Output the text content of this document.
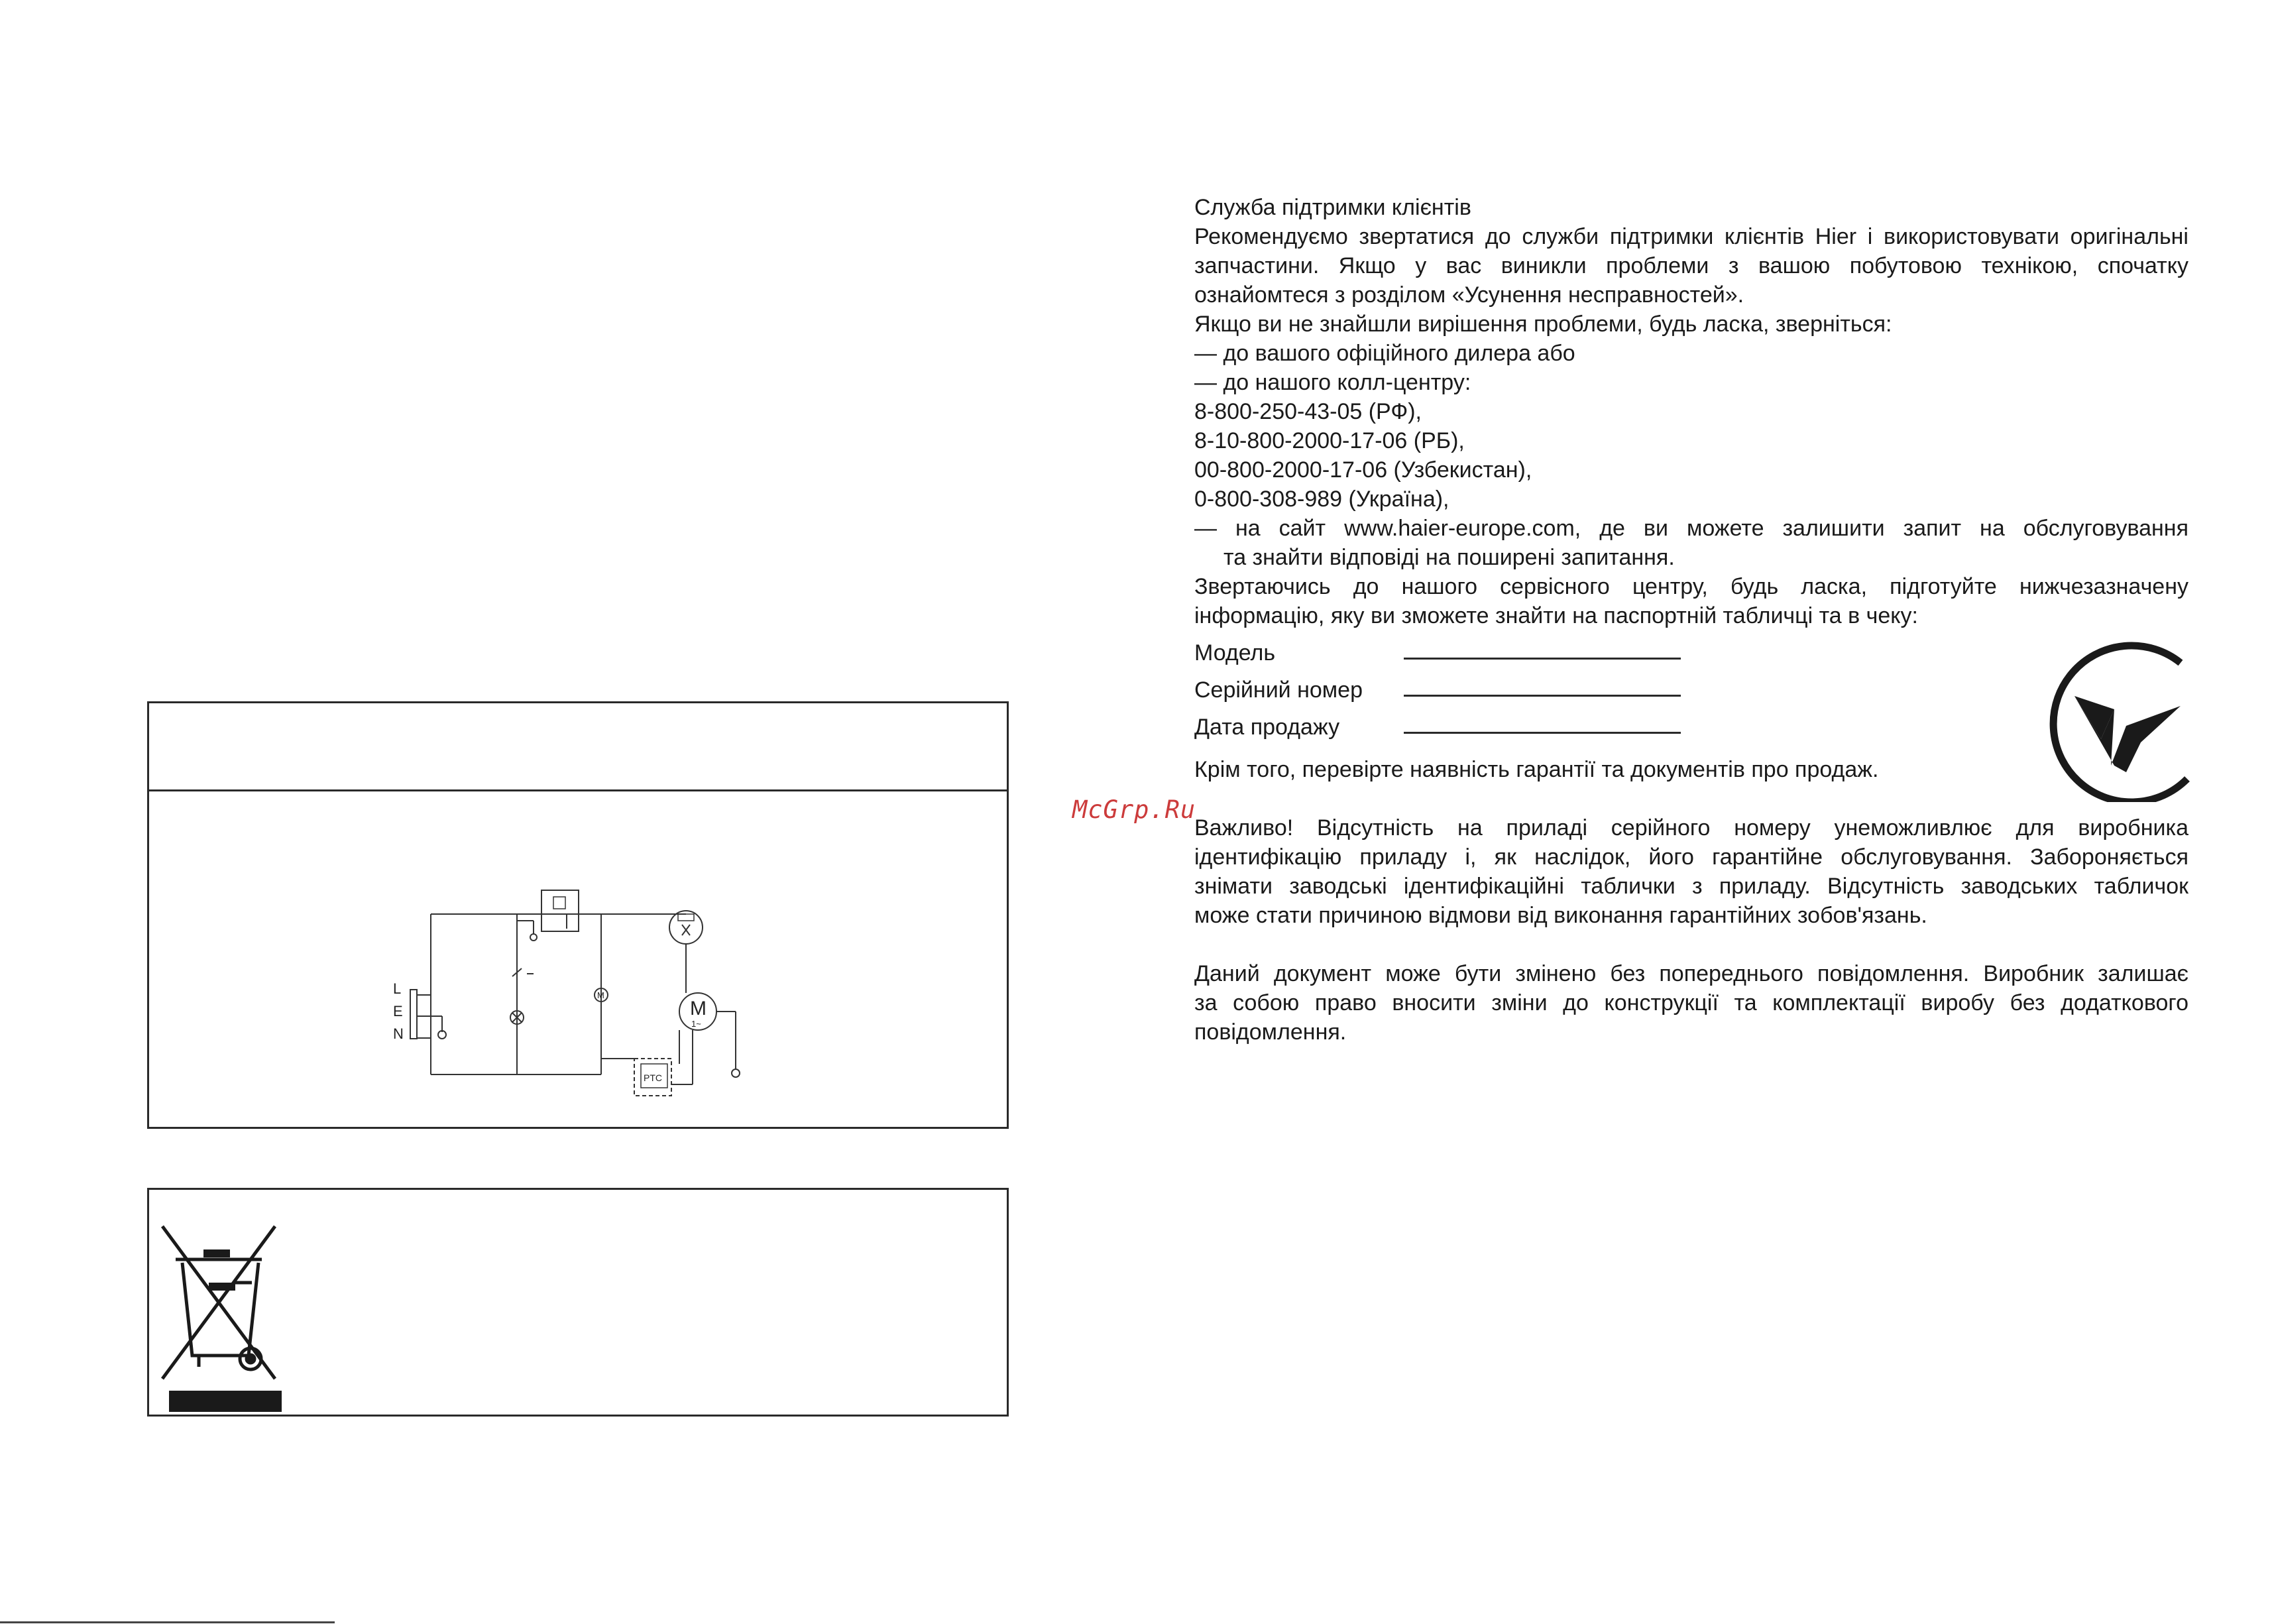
L
E
N
M
M
1~
PTC
McGrp.Ru

Служба підтримки клієнтів

Рекомендуємо звертатися до служби підтримки клієнтів Hier і використовувати оригінальні

запчастини. Якщо у вас виникли проблеми з вашою побутовою технікою, спочатку

ознайомтеся з розділом «Усунення несправностей».

Якщо ви не знайшли вирішення проблеми, будь ласка, зверніться:

— до вашого офіційного дилера або

— до нашого колл-центру:

8-800-250-43-05 (РФ),

8-10-800-2000-17-06 (РБ),

00-800-2000-17-06 (Узбекистан),

0-800-308-989 (Україна),

— на сайт www.haier-europe.com, де ви можете залишити запит на обслуговування

та знайти відповіді на поширені запитання.

Звертаючись до нашого сервісного центру, будь ласка, підготуйте нижчезазначену

інформацію, яку ви зможете знайти на паспортній табличці та в чеку:

Модель
Серійний номер
Дата продажу

Крім того, перевірте наявність гарантії та документів про продаж.

Важливо! Відсутність на приладі серійного номеру унеможливлює для виробника

ідентифікацію приладу і, як наслідок, його гарантійне обслуговування. Забороняється

знімати заводські ідентифікаційні таблички з приладу. Відсутність заводських табличок

може стати причиною відмови від виконання гарантійних зобов'язань.

Даний документ може бути змінено без попереднього повідомлення. Виробник залишає

за собою право вносити зміни до конструкції та комплектації виробу без додаткового

повідомлення.
